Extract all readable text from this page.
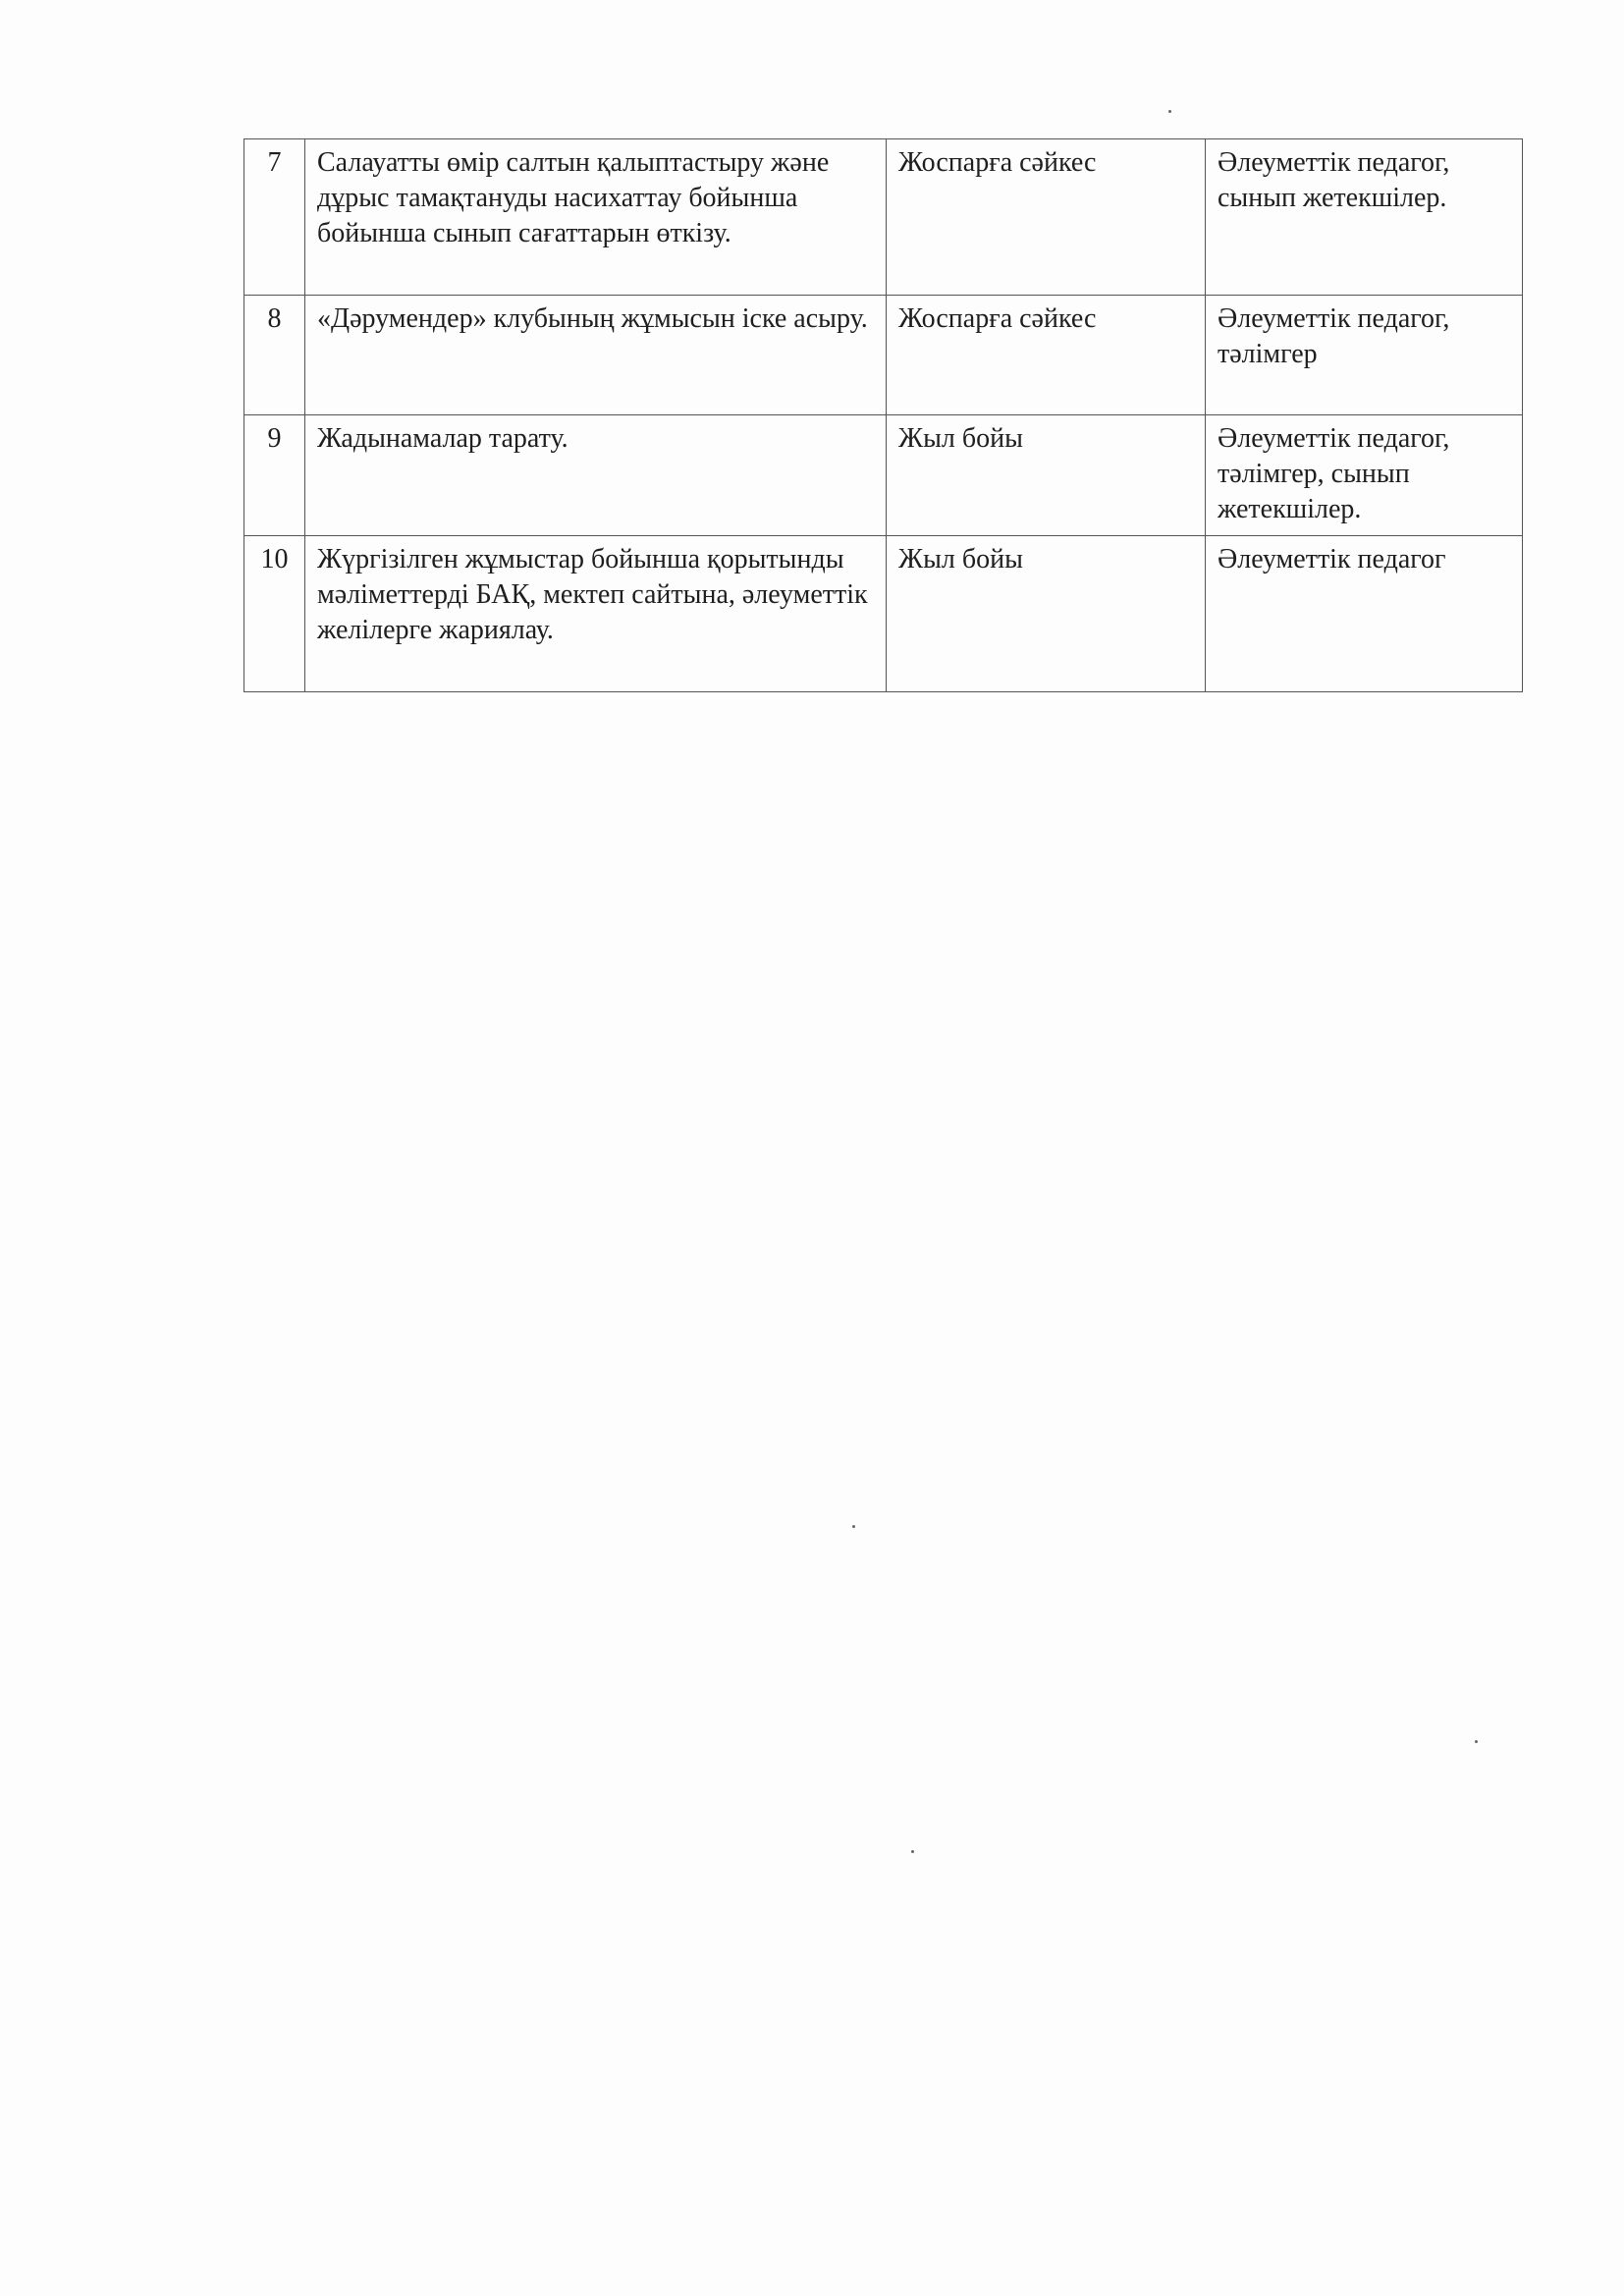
7	Салауатты өмір салтын қалыптастыру және дұрыс тамақтануды насихаттау бойынша бойынша сынып сағаттарын өткізу.	Жоспарға сәйкес	Әлеуметтік педагог, сынып жетекшілер.
8	«Дәрумендер» клубының жұмысын іске асыру.	Жоспарға сәйкес	Әлеуметтік педагог, тәлімгер
9	Жадынамалар тарату.	Жыл бойы	Әлеуметтік педагог, тәлімгер, сынып жетекшілер.
10	Жүргізілген жұмыстар бойынша қорытынды мәліметтерді БАҚ, мектеп сайтына, әлеуметтік желілерге жариялау.	Жыл бойы	Әлеуметтік педагог
